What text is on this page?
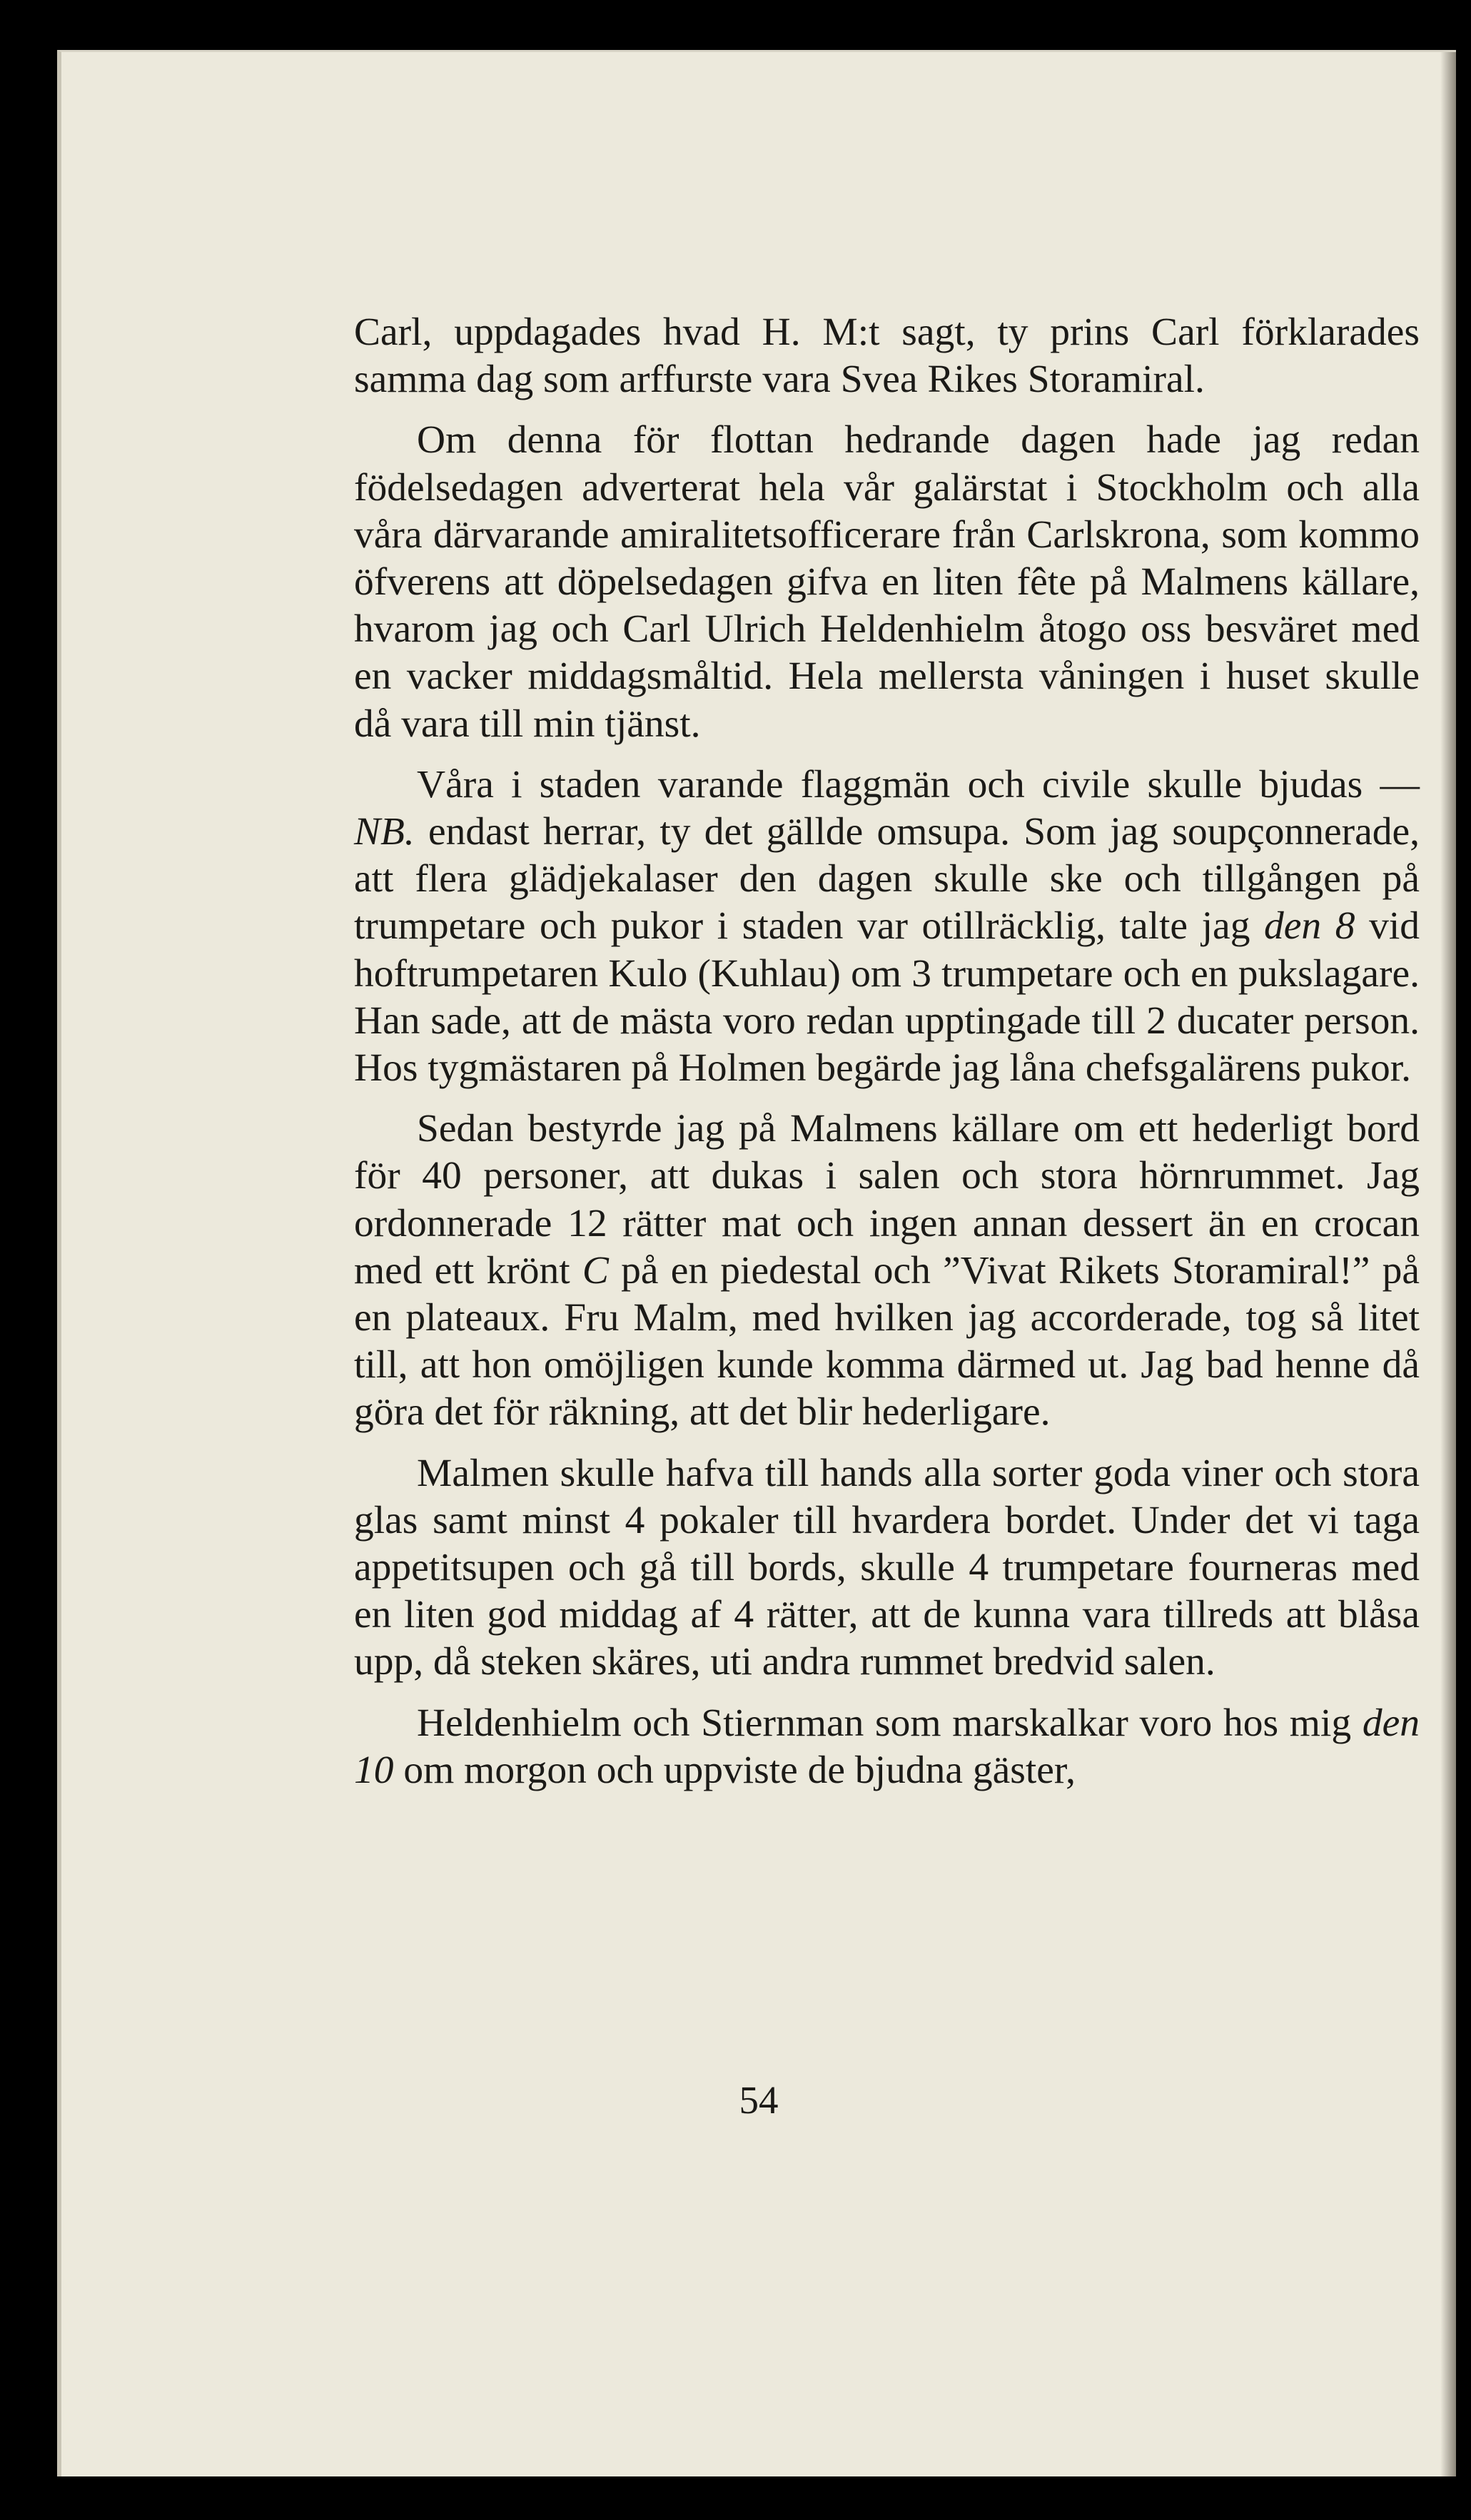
Carl, uppdagades hvad H. M:t sagt, ty prins Carl förklarades samma dag som arffurste vara Svea Rikes Storamiral.

Om denna för flottan hedrande dagen hade jag redan födelsedagen adverterat hela vår galärstat i Stockholm och alla våra därvarande amiralitetsofficerare från Carlskrona, som kommo öfverens att döpelsedagen gifva en liten fête på Malmens källare, hvarom jag och Carl Ulrich Heldenhielm åtogo oss besväret med en vacker middagsmåltid. Hela mellersta våningen i huset skulle då vara till min tjänst.

Våra i staden varande flaggmän och civile skulle bjudas — NB. endast herrar, ty det gällde omsupa. Som jag soupçonnerade, att flera glädjekalaser den dagen skulle ske och tillgången på trumpetare och pukor i staden var otillräcklig, talte jag den 8 vid hoftrumpetaren Kulo (Kuhlau) om 3 trumpetare och en pukslagare. Han sade, att de mästa voro redan upptingade till 2 ducater person. Hos tygmästaren på Holmen begärde jag låna chefsgalärens pukor.

Sedan bestyrde jag på Malmens källare om ett hederligt bord för 40 personer, att dukas i salen och stora hörnrummet. Jag ordonnerade 12 rätter mat och ingen annan dessert än en crocan med ett krönt C på en piedestal och ”Vivat Rikets Storamiral!” på en plateaux. Fru Malm, med hvilken jag accorderade, tog så litet till, att hon omöjligen kunde komma därmed ut. Jag bad henne då göra det för räkning, att det blir hederligare.

Malmen skulle hafva till hands alla sorter goda viner och stora glas samt minst 4 pokaler till hvardera bordet. Under det vi taga appetitsupen och gå till bords, skulle 4 trumpetare fourneras med en liten god middag af 4 rätter, att de kunna vara tillreds att blåsa upp, då steken skäres, uti andra rummet bredvid salen.

Heldenhielm och Stiernman som marskalkar voro hos mig den 10 om morgon och uppviste de bjudna gäster,

54
